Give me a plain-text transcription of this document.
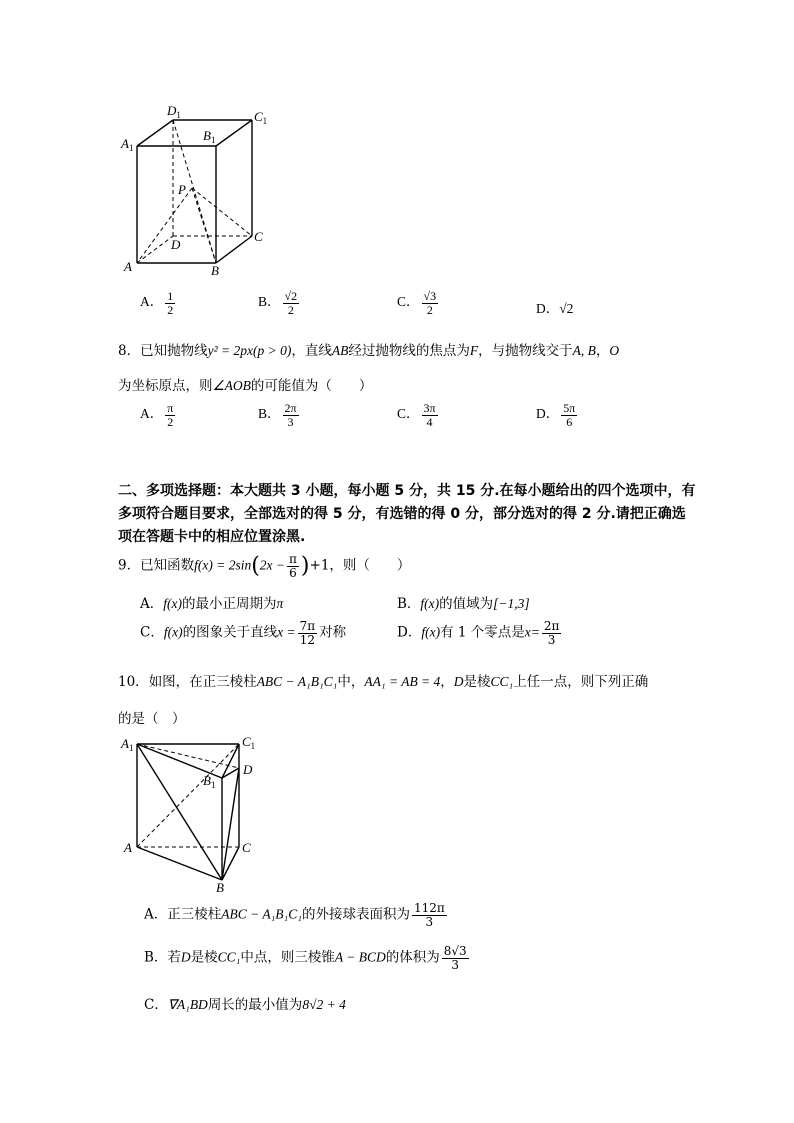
$D_1$	$C_1$
$A_1$
$B_1$
P
D
C
A	B
A． $\frac{1}{2}$	B． $\frac{√2}{2}$	C． $\frac{√3}{2}$	D．√2
8．已知抛物线y² = 2px(p > 0)，直线AB经过抛物线的焦点为F，与抛物线交于A, B，O
为坐标原点，则∠AOB的可能值为（　　）
A． $\frac{\pi}{2}$	B． $\frac{2\pi}{3}$	C． $\frac{3\pi}{4}$	D． $\frac{5\pi}{6}$
二、多项选择题：本大题共 3 小题，每小题 5 分，共 15 分.在每小题给出的四个选项中，有多项符合题目要求，全部选对的得 5 分，有选错的得 0 分，部分选对的得 2 分.请把正确选项在答题卡中的相应位置涂黑.
9．已知函数$f(x) = 2\sin(2x - \frac{\pi}{6} )+1$，则（　　）
A．f(x)的最小正周期为π	B．f(x)的值域为[−1,3]
C．f(x)的图象关于直线$x = \frac{7\pi}{12}$ 对称	D．f(x)有 1 个零点是$x= \frac{2\pi}{3}$
10．如图，在正三棱柱ABC − A₁B₁C₁中，AA₁ = AB = 4，D是棱CC₁上任一点，则下列正确
的是（　）
$A_1$	$C_1$
$B_1$
D
A	C
B
A．正三棱柱ABC − A₁B₁C₁的外接球表面积为 $\frac{112\pi}{3}$
B．若D是棱CC₁中点，则三棱锥A − BCD的体积为 $\frac{8√3}{3}$
C．∇A₁BD周长的最小值为8√2 + 4
